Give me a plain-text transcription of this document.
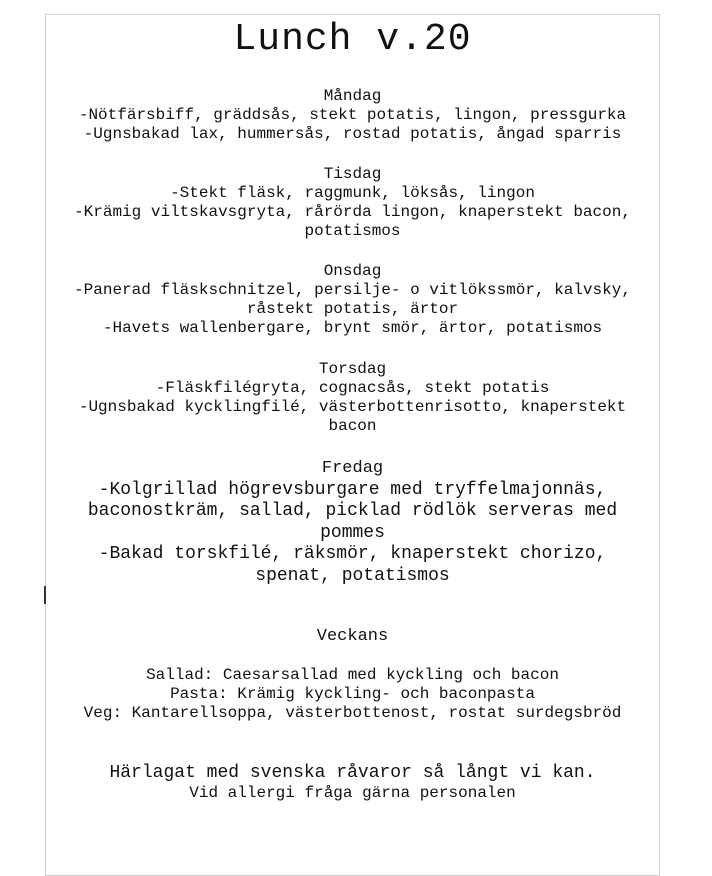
Lunch v.20
Måndag
-Nötfärsbiff, gräddsås, stekt potatis, lingon, pressgurka
-Ugnsbakad lax, hummersås, rostad potatis, ångad sparris
Tisdag
-Stekt fläsk, raggmunk, löksås, lingon
-Krämig viltskavsgryta, rårörda lingon, knaperstekt bacon,
potatismos
Onsdag
-Panerad fläskschnitzel, persilje- o vitlökssmör, kalvsky,
råstekt potatis, ärtor
-Havets wallenbergare, brynt smör, ärtor, potatismos
Torsdag
-Fläskfilégryta, cognacsås, stekt potatis
-Ugnsbakad kycklingfilé, västerbottenrisotto, knaperstekt
bacon
Fredag
-Kolgrillad högrevsburgare med tryffelmajonnäs,
baconostkräm, sallad, picklad rödlök serveras med
pommes
-Bakad torskfilé, räksmör, knaperstekt chorizo,
spenat, potatismos
Veckans
Sallad: Caesarsallad med kyckling och bacon
Pasta: Krämig kyckling- och baconpasta
Veg: Kantarellsoppa, västerbottenost, rostat surdegsbröd
Härlagat med svenska råvaror så långt vi kan.
Vid allergi fråga gärna personalen
